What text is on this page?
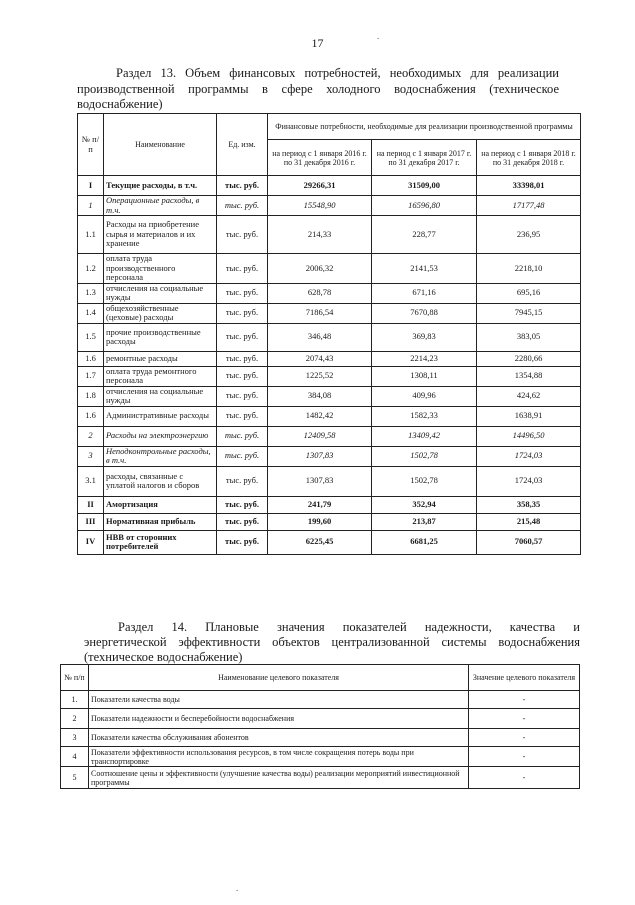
17
Раздел 13. Объем финансовых потребностей, необходимых для реализации
производственной программы в сфере холодного водоснабжения (техническое
водоснабжение)
№ п/п	Наименование	Ед. изм.	Финансовые потребности, необходимые для реализации производственной программы		
			на период с 1 января 2016 г. по 31 декабря 2016 г.	на период с 1 января 2017 г. по 31 декабря 2017 г.	на период с 1 января 2018 г. по 31 декабря 2018 г.
I	Текущие расходы, в т.ч.	тыс. руб.	29266,31	31509,00	33398,01
1	Операционные расходы, в т.ч.	тыс. руб.	15548,90	16596,80	17177,48
1.1	Расходы на приобретение сырья и материалов и их хранение	тыс. руб.	214,33	228,77	236,95
1.2	оплата труда производственного персонала	тыс. руб.	2006,32	2141,53	2218,10
1.3	отчисления на социальные нужды	тыс. руб.	628,78	671,16	695,16
1.4	общехозяйственные (цеховые) расходы	тыс. руб.	7186,54	7670,88	7945,15
1.5	прочие производственные расходы	тыс. руб.	346,48	369,83	383,05
1.6	ремонтные расходы	тыс. руб.	2074,43	2214,23	2280,66
1.7	оплата труда ремонтного персонала	тыс. руб.	1225,52	1308,11	1354,88
1.8	отчисления на социальные нужды	тыс. руб.	384,08	409,96	424,62
1.6	Административные расходы	тыс. руб.	1482,42	1582,33	1638,91
2	Расходы на электроэнергию	тыс. руб.	12409,58	13409,42	14496,50
3	Неподконтрольные расходы, в т.ч.	тыс. руб.	1307,83	1502,78	1724,03
3.1	расходы, связанные с уплатой налогов и сборов	тыс. руб.	1307,83	1502,78	1724,03
II	Амортизация	тыс. руб.	241,79	352,94	358,35
III	Нормативная прибыль	тыс. руб.	199,60	213,87	215,48
IV	НВВ от сторонних потребителей	тыс. руб.	6225,45	6681,25	7060,57
Раздел 14. Плановые значения показателей надежности, качества и
энергетической эффективности объектов централизованной системы водоснабжения
(техническое водоснабжение)
№ п/п	Наименование целевого показателя	Значение целевого показателя
1.	Показатели качества воды	-
2	Показатели надежности и бесперебойности водоснабжения	-
3	Показатели качества обслуживания абонентов	-
4	Показатели эффективности использования ресурсов, в том числе сокращения потерь воды при транспортировке	-
5	Соотношение цены и эффективности (улучшение качества воды) реализации мероприятий инвестиционной программы	-
.
.
